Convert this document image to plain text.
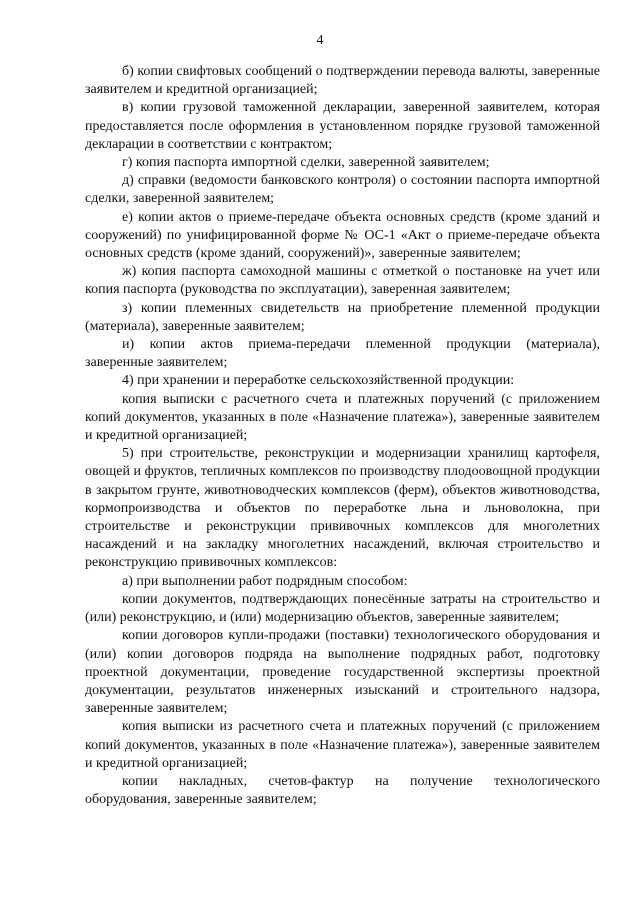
4

б) копии свифтовых сообщений о подтверждении перевода валюты, заверенные заявителем и кредитной организацией;

в) копии грузовой таможенной декларации, заверенной заявителем, которая предоставляется после оформления в установленном порядке грузовой таможенной декларации в соответствии с контрактом;

г) копия паспорта импортной сделки, заверенной заявителем;

д) справки (ведомости банковского контроля) о состоянии паспорта импортной сделки, заверенной заявителем;

е) копии актов о приеме-передаче объекта основных средств (кроме зданий и сооружений) по унифицированной форме № ОС-1 «Акт о приеме-передаче объекта основных средств (кроме зданий, сооружений)», заверенные заявителем;

ж) копия паспорта самоходной машины с отметкой о постановке на учет или копия паспорта (руководства по эксплуатации), заверенная заявителем;

з) копии племенных свидетельств на приобретение племенной продукции (материала), заверенные заявителем;

и) копии актов приема-передачи племенной продукции (материала), заверенные заявителем;

4) при хранении и переработке сельскохозяйственной продукции:

копия выписки с расчетного счета и платежных поручений (с приложением копий документов, указанных в поле «Назначение платежа»), заверенные заявителем и кредитной организацией;

5) при строительстве, реконструкции и модернизации хранилищ картофеля, овощей и фруктов, тепличных комплексов по производству плодоовощной продукции в закрытом грунте, животноводческих комплексов (ферм), объектов животноводства, кормопроизводства и объектов по переработке льна и льноволокна, при строительстве и реконструкции прививочных комплексов для многолетних насаждений и на закладку многолетних насаждений, включая строительство и реконструкцию прививочных комплексов:

а) при выполнении работ подрядным способом:

копии документов, подтверждающих понесённые затраты на строительство и (или) реконструкцию, и (или) модернизацию объектов, заверенные заявителем;

копии договоров купли-продажи (поставки) технологического оборудования и (или) копии договоров подряда на выполнение подрядных работ, подготовку проектной документации, проведение государственной экспертизы проектной документации, результатов инженерных изысканий и строительного надзора, заверенные заявителем;

копия выписки из расчетного счета и платежных поручений (с приложением копий документов, указанных в поле «Назначение платежа»), заверенные заявителем и кредитной организацией;

копии накладных, счетов-фактур на получение технологического оборудования, заверенные заявителем;
